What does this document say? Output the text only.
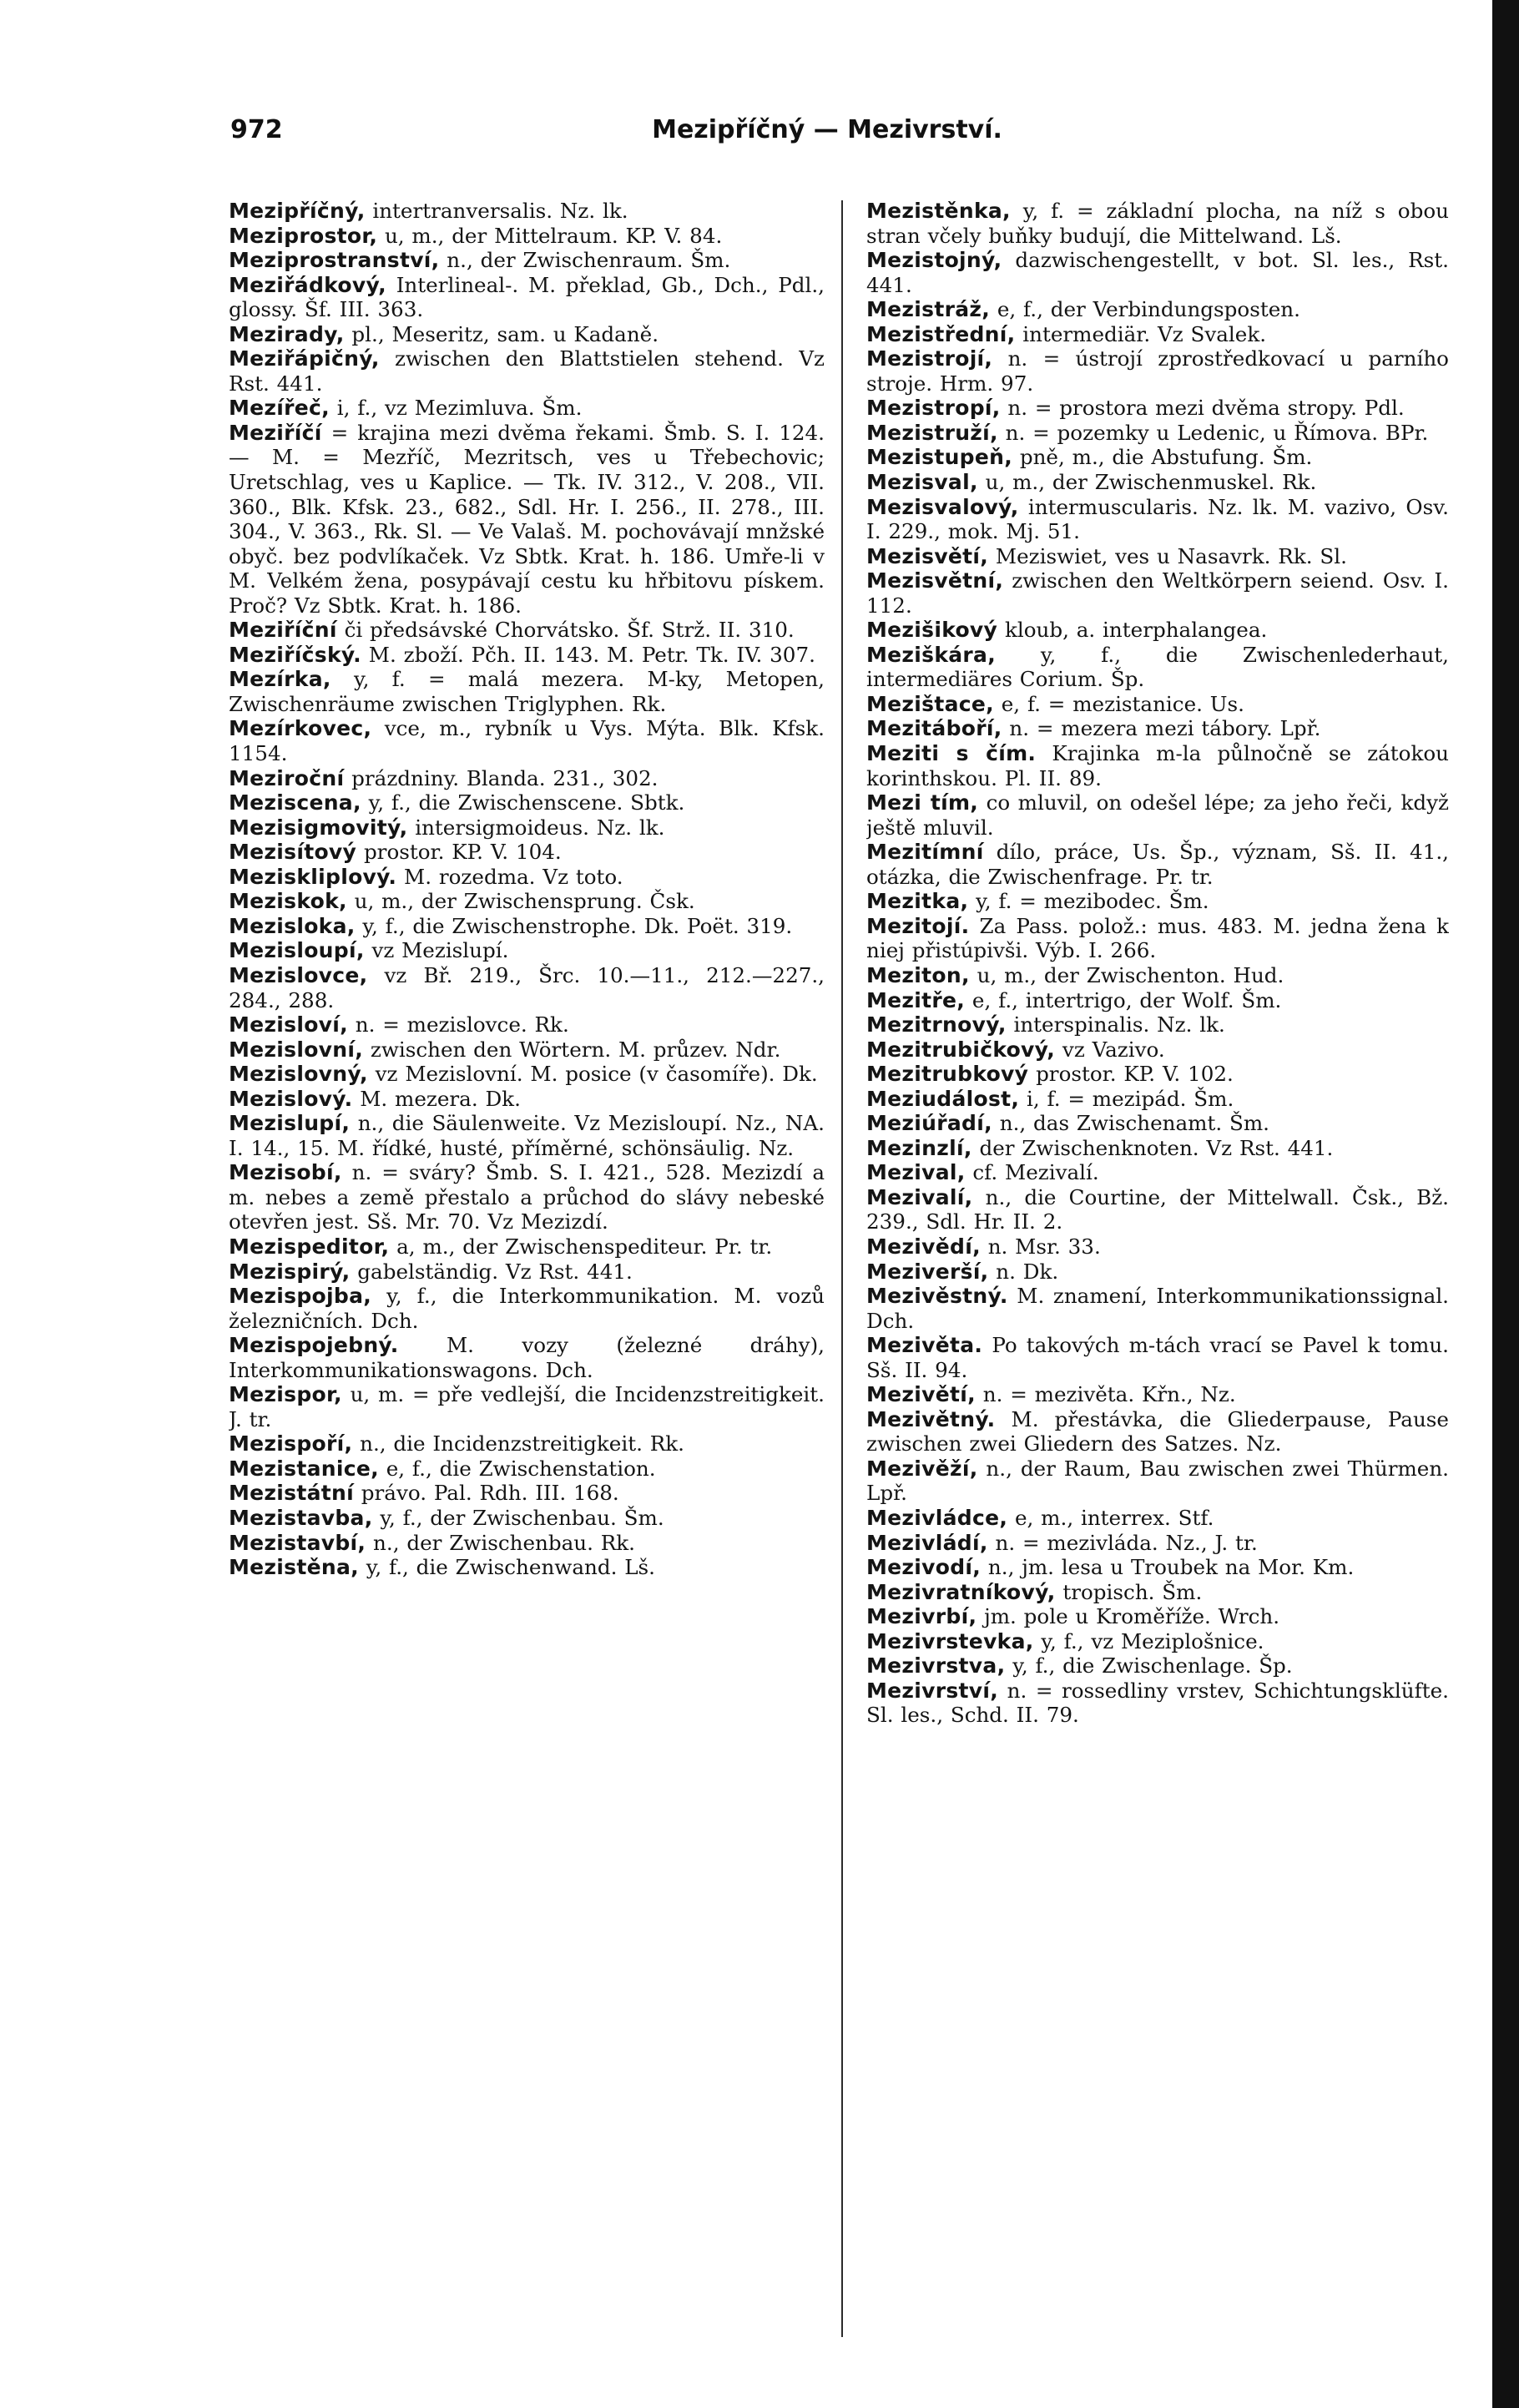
972	Mezipříčný — Mezivrství.

Mezipříčný, intertranversalis. Nz. lk.

Meziprostor, u, m., der Mittelraum. KP. V. 84.

Meziprostranství, n., der Zwischenraum. Šm.

Meziřádkový, Interlineal-. M. překlad, Gb., Dch., Pdl., glossy. Šf. III. 363.

Mezirady, pl., Meseritz, sam. u Kadaně.

Meziřápičný, zwischen den Blattstielen stehend. Vz Rst. 441.

Mezířeč, i, f., vz Mezimluva. Šm.

Meziříčí = krajina mezi dvěma řekami. Šmb. S. I. 124. — M. = Mezříč, Mezritsch, ves u Třebechovic; Uretschlag, ves u Kaplice. — Tk. IV. 312., V. 208., VII. 360., Blk. Kfsk. 23., 682., Sdl. Hr. I. 256., II. 278., III. 304., V. 363., Rk. Sl. — Ve Valaš. M. pochovávají mnžské obyč. bez podvlíkaček. Vz Sbtk. Krat. h. 186. Umře-li v M. Velkém žena, posypávají cestu ku hřbitovu pískem. Proč? Vz Sbtk. Krat. h. 186.

Meziříční či předsávské Chorvátsko. Šf. Strž. II. 310.

Meziříčský. M. zboží. Pčh. II. 143. M. Petr. Tk. IV. 307.

Mezírka, y, f. = malá mezera. M-ky, Metopen, Zwischenräume zwischen Triglyphen. Rk.

Mezírkovec, vce, m., rybník u Vys. Mýta. Blk. Kfsk. 1154.

Meziroční prázdniny. Blanda. 231., 302.

Meziscena, y, f., die Zwischenscene. Sbtk.

Mezisigmovitý, intersigmoideus. Nz. lk.

Mezisítový prostor. KP. V. 104.

Meziskliplový. M. rozedma. Vz toto.

Meziskok, u, m., der Zwischensprung. Čsk.

Mezisloka, y, f., die Zwischenstrophe. Dk. Poët. 319.

Mezisloupí, vz Mezislupí.

Mezislovce, vz Bř. 219., Šrc. 10.—11., 212.—227., 284., 288.

Mezisloví, n. = mezislovce. Rk.

Mezislovní, zwischen den Wörtern. M. průzev. Ndr.

Mezislovný, vz Mezislovní. M. posice (v časomíře). Dk.

Mezislový. M. mezera. Dk.

Mezislupí, n., die Säulenweite. Vz Mezisloupí. Nz., NA. I. 14., 15. M. řídké, husté, příměrné, schönsäulig. Nz.

Mezisobí, n. = sváry? Šmb. S. I. 421., 528. Mezizdí a m. nebes a země přestalo a průchod do slávy nebeské otevřen jest. Sš. Mr. 70. Vz Mezizdí.

Mezispeditor, a, m., der Zwischenspediteur. Pr. tr.

Mezispirý, gabelständig. Vz Rst. 441.

Mezispojba, y, f., die Interkommunikation. M. vozů železničních. Dch.

Mezispojebný. M. vozy (železné dráhy), Interkommunikationswagons. Dch.

Mezispor, u, m. = pře vedlejší, die Incidenzstreitigkeit. J. tr.

Mezispoří, n., die Incidenzstreitigkeit. Rk.

Mezistanice, e, f., die Zwischenstation.

Mezistátní právo. Pal. Rdh. III. 168.

Mezistavba, y, f., der Zwischenbau. Šm.

Mezistavbí, n., der Zwischenbau. Rk.

Mezistěna, y, f., die Zwischenwand. Lš.

Mezistěnka, y, f. = základní plocha, na níž s obou stran včely buňky budují, die Mittelwand. Lš.

Mezistojný, dazwischengestellt, v bot. Sl. les., Rst. 441.

Mezistráž, e, f., der Verbindungsposten.

Mezistřední, intermediär. Vz Svalek.

Mezistrojí, n. = ústrojí zprostředkovací u parního stroje. Hrm. 97.

Mezistropí, n. = prostora mezi dvěma stropy. Pdl.

Mezistruží, n. = pozemky u Ledenic, u Římova. BPr.

Mezistupeň, pně, m., die Abstufung. Šm.

Mezisval, u, m., der Zwischenmuskel. Rk.

Mezisvalový, intermuscularis. Nz. lk. M. vazivo, Osv. I. 229., mok. Mj. 51.

Mezisvětí, Meziswiet, ves u Nasavrk. Rk. Sl.

Mezisvětní, zwischen den Weltkörpern seiend. Osv. I. 112.

Mezišikový kloub, a. interphalangea.

Meziškára, y, f., die Zwischenlederhaut, intermediäres Corium. Šp.

Mezištace, e, f. = mezistanice. Us.

Mezitáboří, n. = mezera mezi tábory. Lpř.

Meziti s čím. Krajinka m-la půlnočně se zátokou korinthskou. Pl. II. 89.

Mezi tím, co mluvil, on odešel lépe; za jeho řeči, když ještě mluvil.

Mezitímní dílo, práce, Us. Šp., význam, Sš. II. 41., otázka, die Zwischenfrage. Pr. tr.

Mezitka, y, f. = mezibodec. Šm.

Mezitojí. Za Pass. polož.: mus. 483. M. jedna žena k niej přistúpivši. Výb. I. 266.

Meziton, u, m., der Zwischenton. Hud.

Mezitře, e, f., intertrigo, der Wolf. Šm.

Mezitrnový, interspinalis. Nz. lk.

Mezitrubičkový, vz Vazivo.

Mezitrubkový prostor. KP. V. 102.

Meziudálost, i, f. = mezipád. Šm.

Meziúřadí, n., das Zwischenamt. Šm.

Mezinzlí, der Zwischenknoten. Vz Rst. 441.

Mezival, cf. Mezivalí.

Mezivalí, n., die Courtine, der Mittelwall. Čsk., Bž. 239., Sdl. Hr. II. 2.

Mezivědí, n. Msr. 33.

Meziverší, n. Dk.

Mezivěstný. M. znamení, Interkommunikationssignal. Dch.

Mezivěta. Po takových m-tách vrací se Pavel k tomu. Sš. II. 94.

Mezivětí, n. = mezivěta. Křn., Nz.

Mezivětný. M. přestávka, die Gliederpause, Pause zwischen zwei Gliedern des Satzes. Nz.

Mezivěží, n., der Raum, Bau zwischen zwei Thürmen. Lpř.

Mezivládce, e, m., interrex. Stf.

Mezivládí, n. = mezivláda. Nz., J. tr.

Mezivodí, n., jm. lesa u Troubek na Mor. Km.

Mezivratníkový, tropisch. Šm.

Mezivrbí, jm. pole u Kroměříže. Wrch.

Mezivrstevka, y, f., vz Meziplošnice.

Mezivrstva, y, f., die Zwischenlage. Šp.

Mezivrství, n. = rossedliny vrstev, Schichtungsklüfte. Sl. les., Schd. II. 79.
